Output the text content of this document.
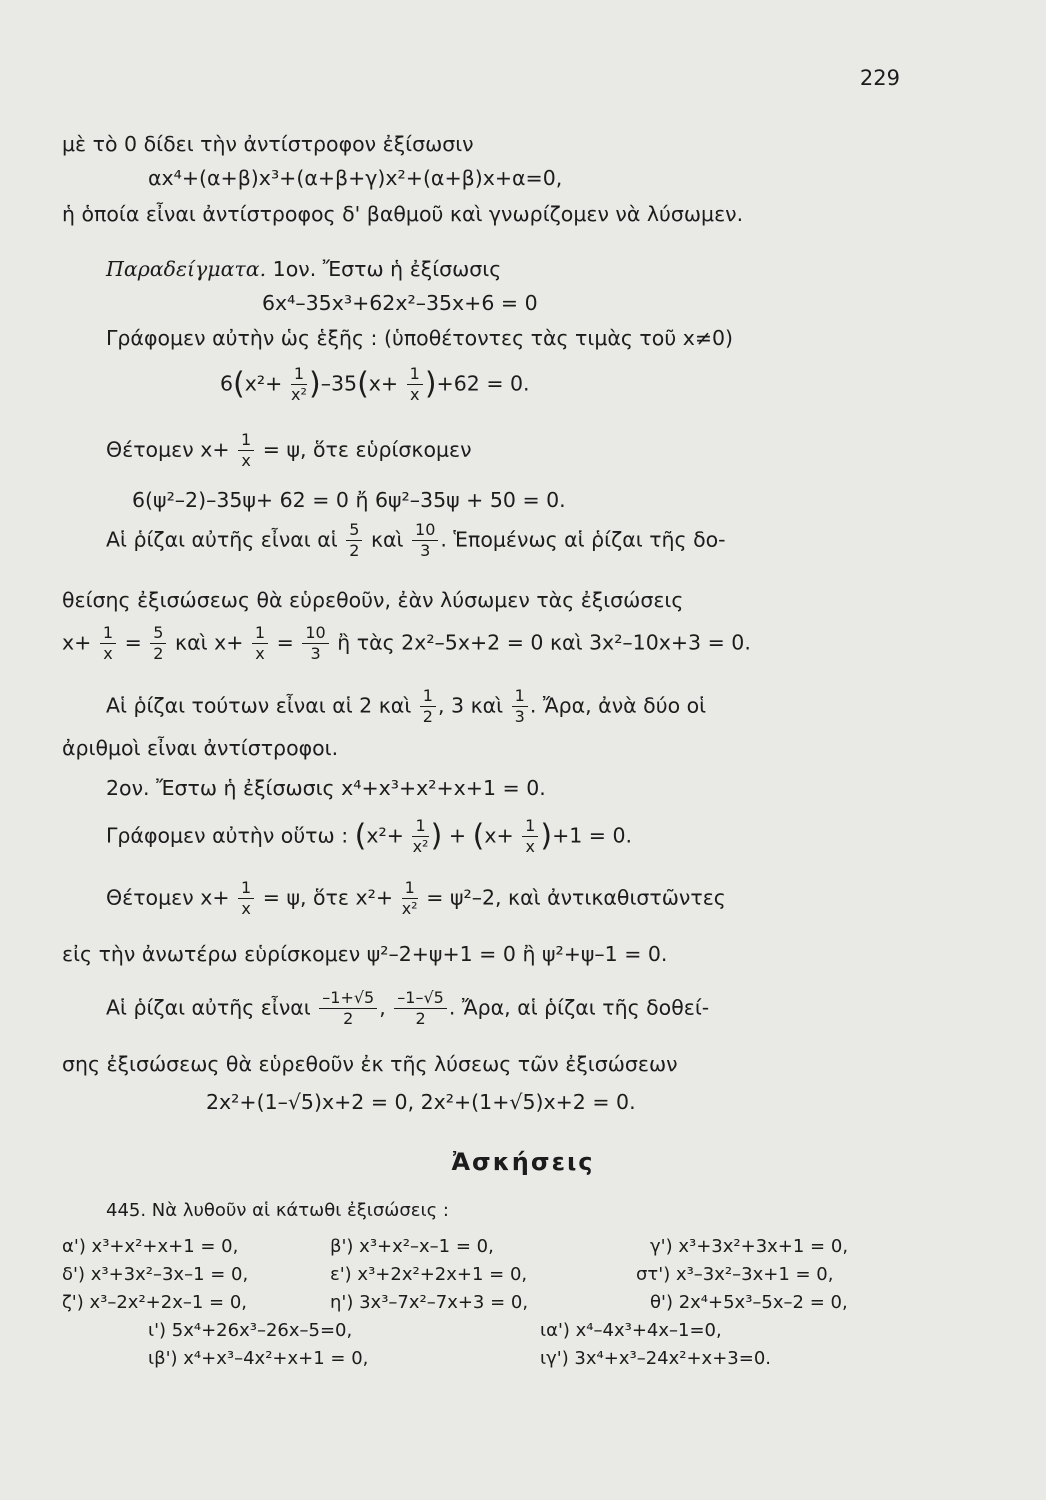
229
μὲ τὸ 0 δίδει τὴν ἀντίστροφον ἐξίσωσιν
αx⁴+(α+β)x³+(α+β+γ)x²+(α+β)x+α=0,
ἡ ὁποία εἶναι ἀντίστροφος δ' βαθμοῦ καὶ γνωρίζομεν νὰ λύσωμεν.
Παραδείγματα. 1ον. Ἔστω ἡ ἐξίσωσις
6x⁴–35x³+62x²–35x+6 = 0
Γράφομεν αὐτὴν ὡς ἑξῆς : (ὑποθέτοντες τὰς τιμὰς τοῦ x≠0)
$6(x^2+ \frac{1}{\text{x²}} )-35(x+ \frac{1}{x} )+62 = 0$.
Θέτομεν $x+ \frac{1}{x} = \psi$, ὅτε εὑρίσκομεν
6(ψ²–2)–35ψ+ 62 = 0 ἤ 6ψ²–35ψ + 50 = 0.
Αἱ ῥίζαι αὐτῆς εἶναι αἱ $\frac{5}{2}$ καὶ $\frac{10}{3}$ . Ἑπομένως αἱ ῥίζαι τῆς δο-
θείσης ἐξισώσεως θὰ εὑρεθοῦν, ἐὰν λύσωμεν τὰς ἐξισώσεις
$x+ \frac{1}{x} = \frac{5}{2}$ καὶ $x+ \frac{1}{x} = \frac{10}{3}$ ἢ τὰς 2x²–5x+2 = 0 καὶ 3x²–10x+3 = 0.
Αἱ ῥίζαι τούτων εἶναι αἱ 2 καὶ $\frac{1}{2}$ , 3 καὶ $\frac{1}{3}$ . Ἄρα, ἀνὰ δύο οἱ
ἀριθμοὶ εἶναι ἀντίστροφοι.
2ον. Ἔστω ἡ ἐξίσωσις x⁴+x³+x²+x+1 = 0.
Γράφομεν αὐτὴν οὕτω : ($x^2+ \frac{1}{\text{x²}}$ ) + $(x+ \frac{1}{x} )+1 = 0$.
Θέτομεν $x+ \frac{1}{x} = \psi$, ὅτε $x^2+ \frac{1}{\text{x²}} = \psi^2-2$, καὶ ἀντικαθιστῶντες
εἰς τὴν ἀνωτέρω εὑρίσκομεν ψ²–2+ψ+1 = 0 ἢ ψ²+ψ–1 = 0.
Αἱ ῥίζαι αὐτῆς εἶναι $\frac{-1+√5}{2}$ , $\frac{-1-√5}{2}$ . Ἄρα, αἱ ῥίζαι τῆς δοθεί-
σης ἐξισώσεως θὰ εὑρεθοῦν ἐκ τῆς λύσεως τῶν ἐξισώσεων
2x²+(1–√5)x+2 = 0, 2x²+(1+√5)x+2 = 0.
Ἀσκήσεις
445. Νὰ λυθοῦν αἱ κάτωθι ἐξισώσεις :
α') x³+x²+x+1 = 0,	β') x³+x²–x–1 = 0,	γ') x³+3x²+3x+1 = 0,
δ') x³+3x²–3x–1 = 0,	ε') x³+2x²+2x+1 = 0,	στ') x³–3x²–3x+1 = 0,
ζ') x³–2x²+2x–1 = 0,	η') 3x³–7x²–7x+3 = 0,	θ') 2x⁴+5x³–5x–2 = 0,
ι') 5x⁴+26x³–26x–5=0,	ια') x⁴–4x³+4x–1=0,
ιβ') x⁴+x³–4x²+x+1 = 0,	ιγ') 3x⁴+x³–24x²+x+3=0.
